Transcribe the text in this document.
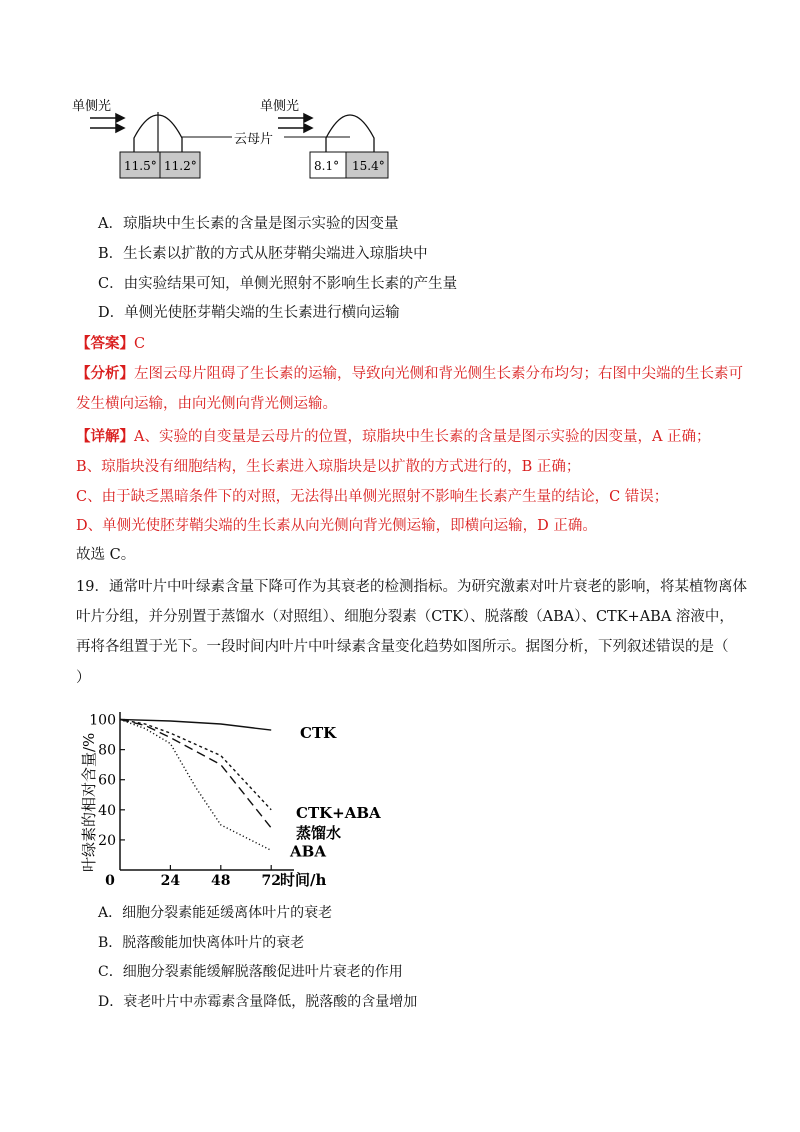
单侧光
11.5° 11.2°
云母片
单侧光
8.1° 15.4°
A．琼脂块中生长素的含量是图示实验的因变量
B．生长素以扩散的方式从胚芽鞘尖端进入琼脂块中
C．由实验结果可知，单侧光照射不影响生长素的产生量
D．单侧光使胚芽鞘尖端的生长素进行横向运输
【答案】C
【分析】左图云母片阻碍了生长素的运输，导致向光侧和背光侧生长素分布均匀；右图中尖端的生长素可
发生横向运输，由向光侧向背光侧运输。
【详解】A、实验的自变量是云母片的位置，琼脂块中生长素的含量是图示实验的因变量，A 正确；
B、琼脂块没有细胞结构，生长素进入琼脂块是以扩散的方式进行的，B 正确；
C、由于缺乏黑暗条件下的对照，无法得出单侧光照射不影响生长素产生量的结论，C 错误；
D、单侧光使胚芽鞘尖端的生长素从向光侧向背光侧运输，即横向运输，D 正确。
故选 C。
19．通常叶片中叶绿素含量下降可作为其衰老的检测指标。为研究激素对叶片衰老的影响，将某植物离体
叶片分组，并分别置于蒸馏水（对照组）、细胞分裂素（CTK）、脱落酸（ABA）、CTK+ABA 溶液中，
再将各组置于光下。一段时间内叶片中叶绿素含量变化趋势如图所示。据图分析，下列叙述错误的是（
）
叶绿素的相对含量/% 20
40
60
80
100
0	24 48 72
CTK
CTK+ABA
蒸馏水
ABA
时间/h
A．细胞分裂素能延缓离体叶片的衰老
B．脱落酸能加快离体叶片的衰老
C．细胞分裂素能缓解脱落酸促进叶片衰老的作用
D．衰老叶片中赤霉素含量降低，脱落酸的含量增加
